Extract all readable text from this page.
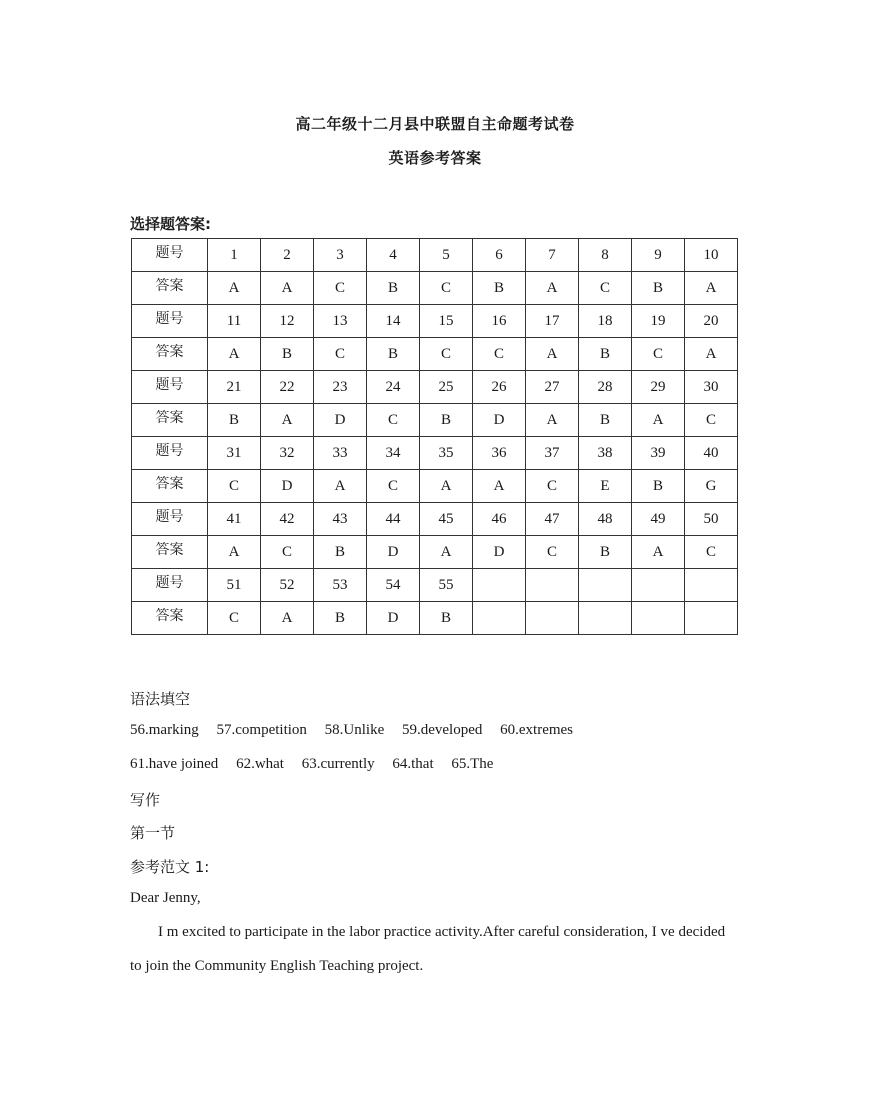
高二年级十二月县中联盟自主命题考试卷
英语参考答案
选择题答案:
题号	1	2	3	4	5	6	7	8	9	10
答案	A	A	C	B	C	B	A	C	B	A
题号	11	12	13	14	15	16	17	18	19	20
答案	A	B	C	B	C	C	A	B	C	A
题号	21	22	23	24	25	26	27	28	29	30
答案	B	A	D	C	B	D	A	B	A	C
题号	31	32	33	34	35	36	37	38	39	40
答案	C	D	A	C	A	A	C	E	B	G
题号	41	42	43	44	45	46	47	48	49	50
答案	A	C	B	D	A	D	C	B	A	C
题号	51	52	53	54	55					
答案	C	A	B	D	B					
语法填空
56.marking 57.competition 58.Unlike 59.developed 60.extremes
61.have joined 62.what 63.currently 64.that 65.The
写作
第一节
参考范文 1:
Dear Jenny,
I m excited to participate in the labor practice activity.After careful consideration, I ve decided
to join the Community English Teaching project.
